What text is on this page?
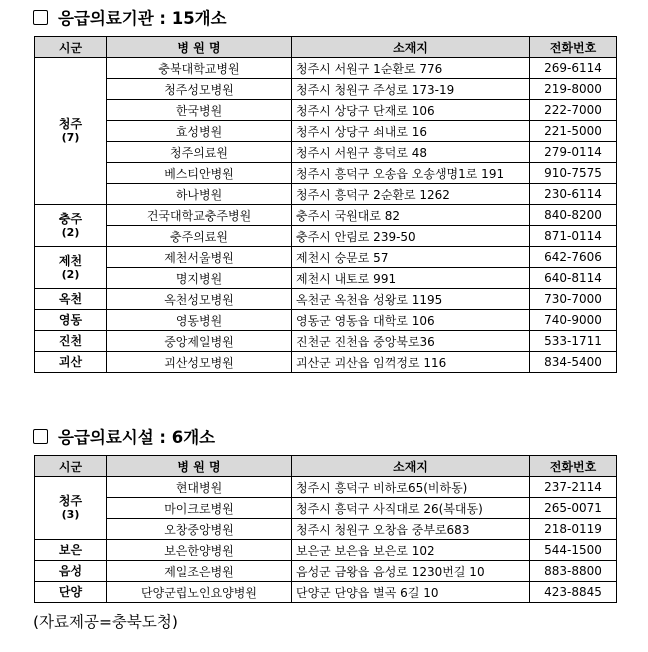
응급의료기관 : 15개소
시군	병 원 명	소재지	전화번호

청주
(7)	충북대학교병원	청주시 서원구 1순환로 776	269-6114
	청주성모병원	청주시 청원구 주성로 173-19	219-8000
	한국병원	청주시 상당구 단재로 106	222-7000
	효성병원	청주시 상당구 쇠내로 16	221-5000
	청주의료원	청주시 서원구 흥덕로 48	279-0114
	베스티안병원	청주시 흥덕구 오송읍 오송생명1로 191	910-7575
	하나병원	청주시 흥덕구 2순환로 1262	230-6114

충주
(2)	건국대학교충주병원	충주시 국원대로 82	840-8200
	충주의료원	충주시 안림로 239-50	871-0114

제천
(2)	제천서울병원	제천시 숭문로 57	642-7606
	명지병원	제천시 내토로 991	640-8114

옥천	옥천성모병원	옥천군 옥천읍 성왕로 1195	730-7000

영동	영동병원	영동군 영동읍 대학로 106	740-9000

진천	중앙제일병원	진천군 진천읍 중앙북로36	533-1711

괴산	괴산성모병원	괴산군 괴산읍 임꺽정로 116	834-5400
응급의료시설 : 6개소
시군	병 원 명	소재지	전화번호

청주
(3)	현대병원	청주시 흥덕구 비하로65(비하동)	237-2114
	마이크로병원	청주시 흥덕구 사직대로 26(복대동)	265-0071
	오창중앙병원	청주시 청원구 오창읍 중부로683	218-0119

보은	보은한양병원	보은군 보은읍 보은로 102	544-1500

음성	제일조은병원	음성군 금왕읍 음성로 1230번길 10	883-8800

단양	단양군립노인요양병원	단양군 단양읍 별곡 6길 10	423-8845
(자료제공=충북도청)
